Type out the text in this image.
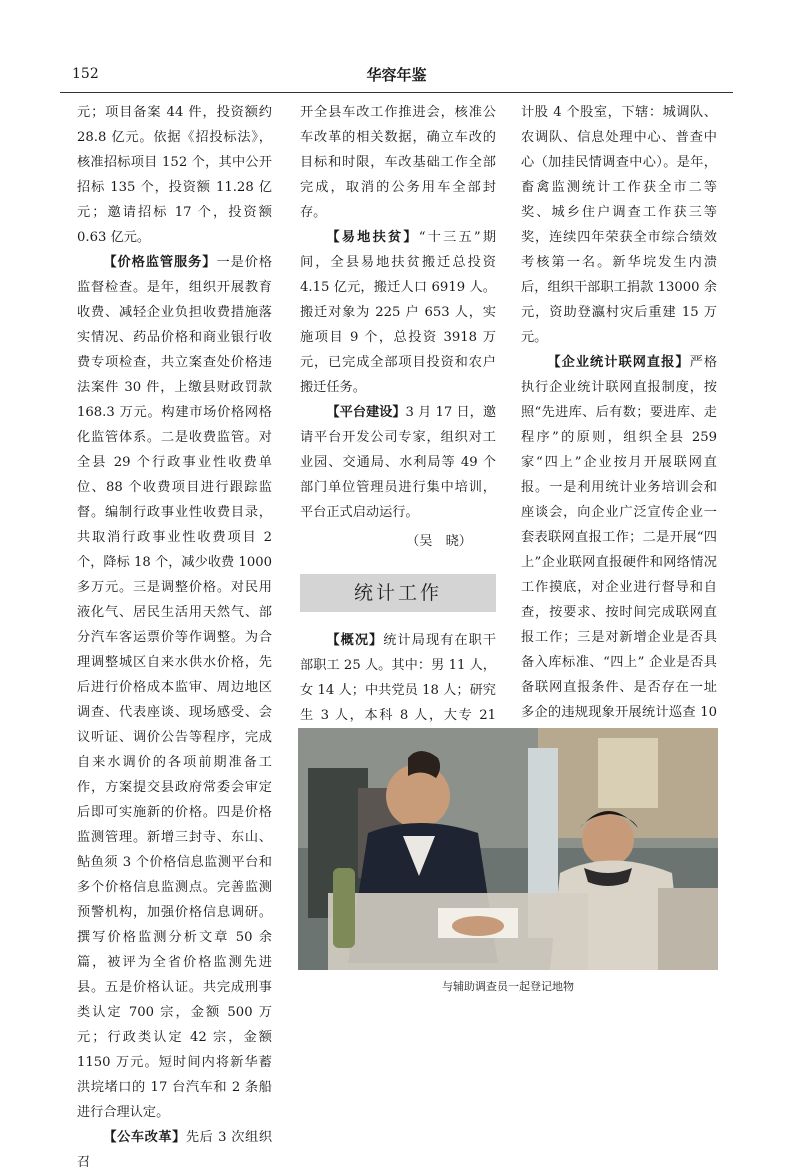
152	华容年鉴

元；项目备案 44 件，投资额约 28.8 亿元。依据《招投标法》，核准招标项目 152 个，其中公开招标 135 个，投资额 11.28 亿元；邀请招标 17 个，投资额 0.63 亿元。

【价格监管服务】一是价格监督检查。是年，组织开展教育收费、减轻企业负担收费措施落实情况、药品价格和商业银行收费专项检查，共立案查处价格违法案件 30 件，上缴县财政罚款 168.3 万元。构建市场价格网格化监管体系。二是收费监管。对全县 29 个行政事业性收费单位、88 个收费项目进行跟踪监督。编制行政事业性收费目录，共取消行政事业性收费项目 2 个，降标 18 个，减少收费 1000 多万元。三是调整价格。对民用液化气、居民生活用天然气、部分汽车客运票价等作调整。为合理调整城区自来水供水价格，先后进行价格成本监审、周边地区调查、代表座谈、现场感受、会议听证、调价公告等程序，完成自来水调价的各项前期准备工作，方案提交县政府常委会审定后即可实施新的价格。四是价格监测管理。新增三封寺、东山、鲇鱼须 3 个价格信息监测平台和多个价格信息监测点。完善监测预警机构，加强价格信息调研。撰写价格监测分析文章 50 余篇，被评为全省价格监测先进县。五是价格认证。共完成刑事类认定 700 宗，金额 500 万元；行政类认定 42 宗，金额 1150 万元。短时间内将新华蓄洪垸堵口的 17 台汽车和 2 条船进行合理认定。

【公车改革】先后 3 次组织召

开全县车改工作推进会，核准公车改革的相关数据，确立车改的目标和时限，车改基础工作全部完成，取消的公务用车全部封存。

【易地扶贫】“十三五”期间，全县易地扶贫搬迁总投资 4.15 亿元，搬迁人口 6919 人。搬迁对象为 225 户 653 人，实施项目 9 个，总投资 3918 万元，已完成全部项目投资和农户搬迁任务。

【平台建设】3 月 17 日，邀请平台开发公司专家，组织对工业园、交通局、水利局等 49 个部门单位管理员进行集中培训，平台正式启动运行。

（吴　晓）

统计工作

【概况】统计局现有在职干部职工 25 人。其中：男 11 人，女 14 人；中共党员 18 人；研究生 3 人，本科 8 人，大专 21

计股 4 个股室，下辖：城调队、农调队、信息处理中心、普查中心（加挂民情调查中心）。是年，畜禽监测统计工作获全市二等奖、城乡住户调查工作获三等奖，连续四年荣获全市综合绩效考核第一名。新华垸发生内溃后，组织干部职工捐款 13000 余元，资助登瀛村灾后重建 15 万元。

【企业统计联网直报】严格执行企业统计联网直报制度，按照“先进库、后有数；要进库、走程序”的原则，组织全县 259 家“四上”企业按月开展联网直报。一是利用统计业务培训会和座谈会，向企业广泛宣传企业一套表联网直报工作；二是开展“四上”企业联网直报硬件和网络情况工作摸底，对企业进行督导和自查，按要求、按时间完成联网直报工作；三是对新增企业是否具备入库标准、“四上” 企业是否具备联网直报条件、是否存在一址多企的违规现象开展统计巡查 10

与辅助调查员一起登记地物
